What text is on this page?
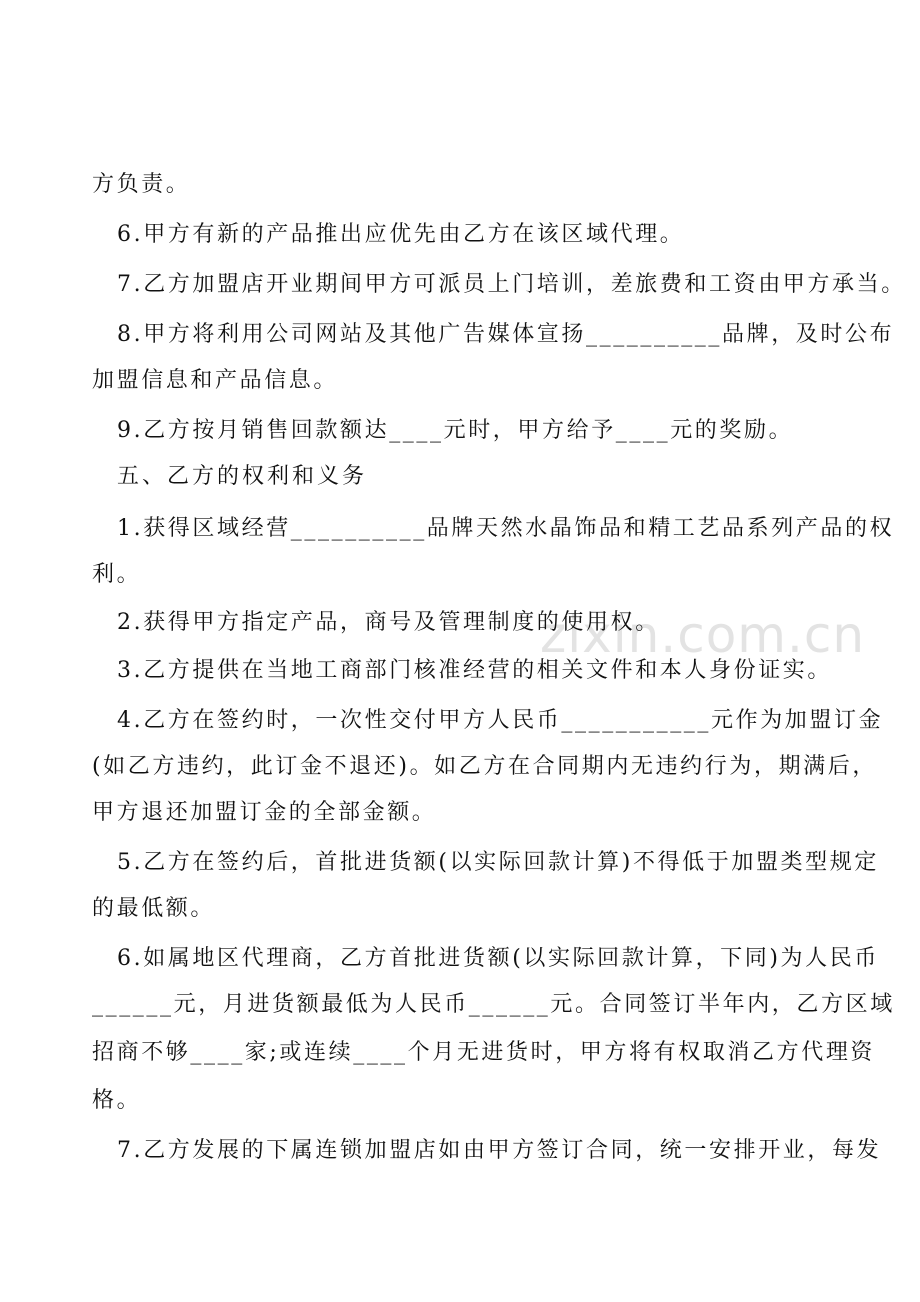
zixin.com.cn
方负责。
6.甲方有新的产品推出应优先由乙方在该区域代理。
7.乙方加盟店开业期间甲方可派员上门培训，差旅费和工资由甲方承当。
8.甲方将利用公司网站及其他广告媒体宣扬__________品牌，及时公布
加盟信息和产品信息。
9.乙方按月销售回款额达____元时，甲方给予____元的奖励。
五、乙方的权利和义务
1.获得区域经营__________品牌天然水晶饰品和精工艺品系列产品的权
利。
2.获得甲方指定产品，商号及管理制度的使用权。
3.乙方提供在当地工商部门核准经营的相关文件和本人身份证实。
4.乙方在签约时，一次性交付甲方人民币___________元作为加盟订金
(如乙方违约，此订金不退还)。如乙方在合同期内无违约行为，期满后，
甲方退还加盟订金的全部金额。
5.乙方在签约后，首批进货额(以实际回款计算)不得低于加盟类型规定
的最低额。
6.如属地区代理商，乙方首批进货额(以实际回款计算，下同)为人民币
______元，月进货额最低为人民币______元。合同签订半年内，乙方区域
招商不够____家;或连续____个月无进货时，甲方将有权取消乙方代理资
格。
7.乙方发展的下属连锁加盟店如由甲方签订合同，统一安排开业，每发
